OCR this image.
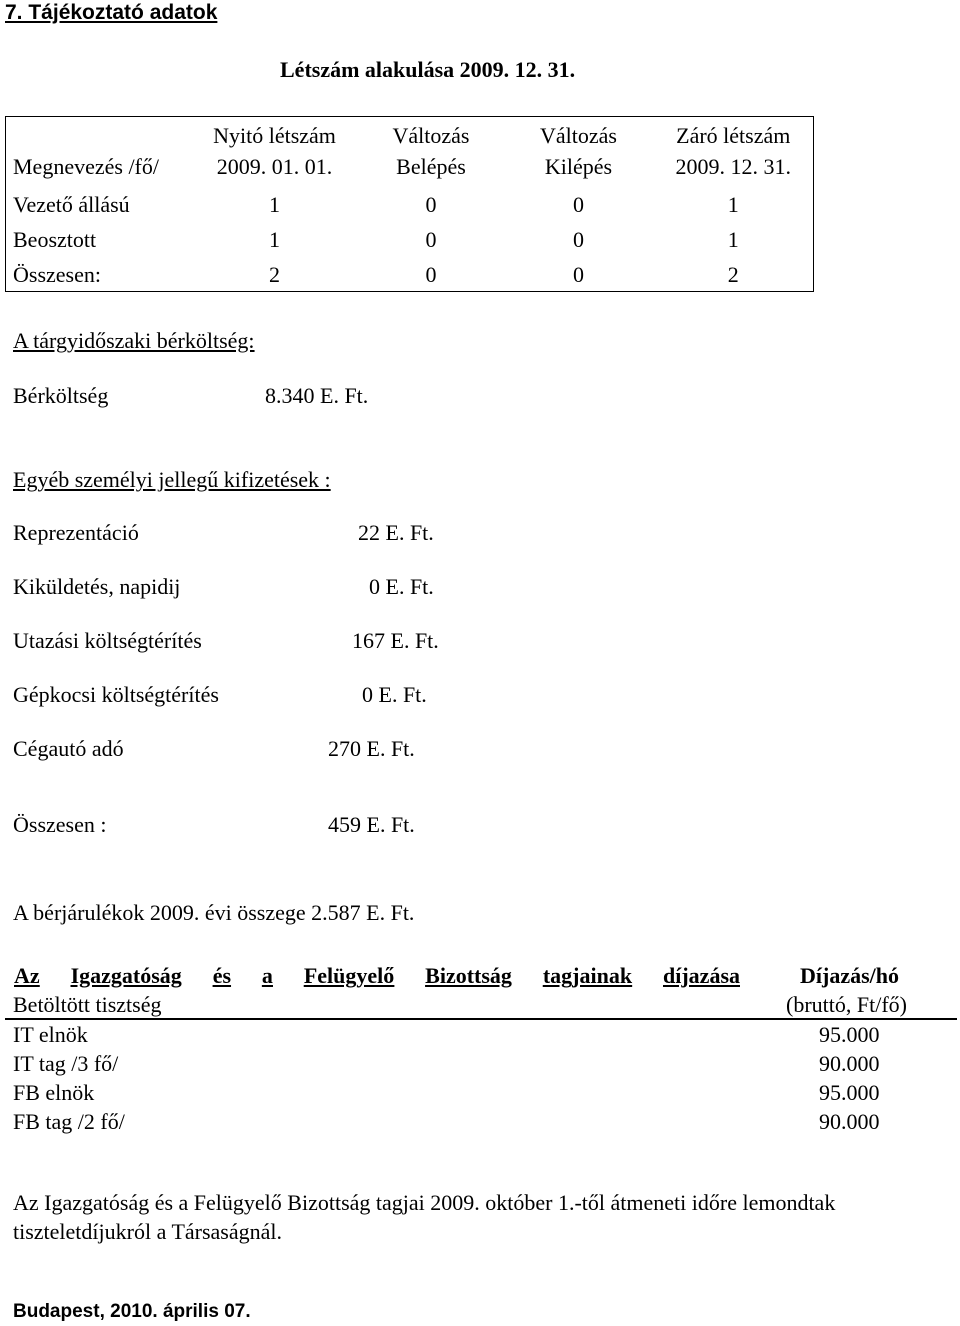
7. Tájékoztató adatok
Létszám alakulása 2009. 12. 31.
	Nyitó létszám	Változás	Változás	Záró létszám
Megnevezés /fő/	2009. 01. 01.	Belépés	Kilépés	2009. 12. 31.

Vezető állású	1	0	0	1
Beosztott	1	0	0	1
Összesen:	2	0	0	2
A tárgyidőszaki bérköltség:
Bérköltség	8.340 E. Ft.
Egyéb személyi jellegű kifizetések :
Reprezentáció	22 E. Ft.
Kiküldetés, napidij	0 E. Ft.
Utazási költségtérítés	167 E. Ft.
Gépkocsi költségtérítés	0 E. Ft.
Cégautó adó	270 E. Ft.
Összesen :	459 E. Ft.
A bérjárulékok 2009. évi összege 2.587 E. Ft.
Az Igazgatóság és a Felügyelő Bizottság tagjainak díjazása	Díjazás/hó
Betöltött tisztség	(bruttó, Ft/fő)
IT elnök	95.000
IT tag /3 fő/	90.000
FB elnök	95.000
FB tag /2 fő/	90.000
Az Igazgatóság és a Felügyelő Bizottság tagjai 2009. október 1.-től átmeneti időre lemondtak
tiszteletdíjukról a Társaságnál.
Budapest, 2010. április 07.
